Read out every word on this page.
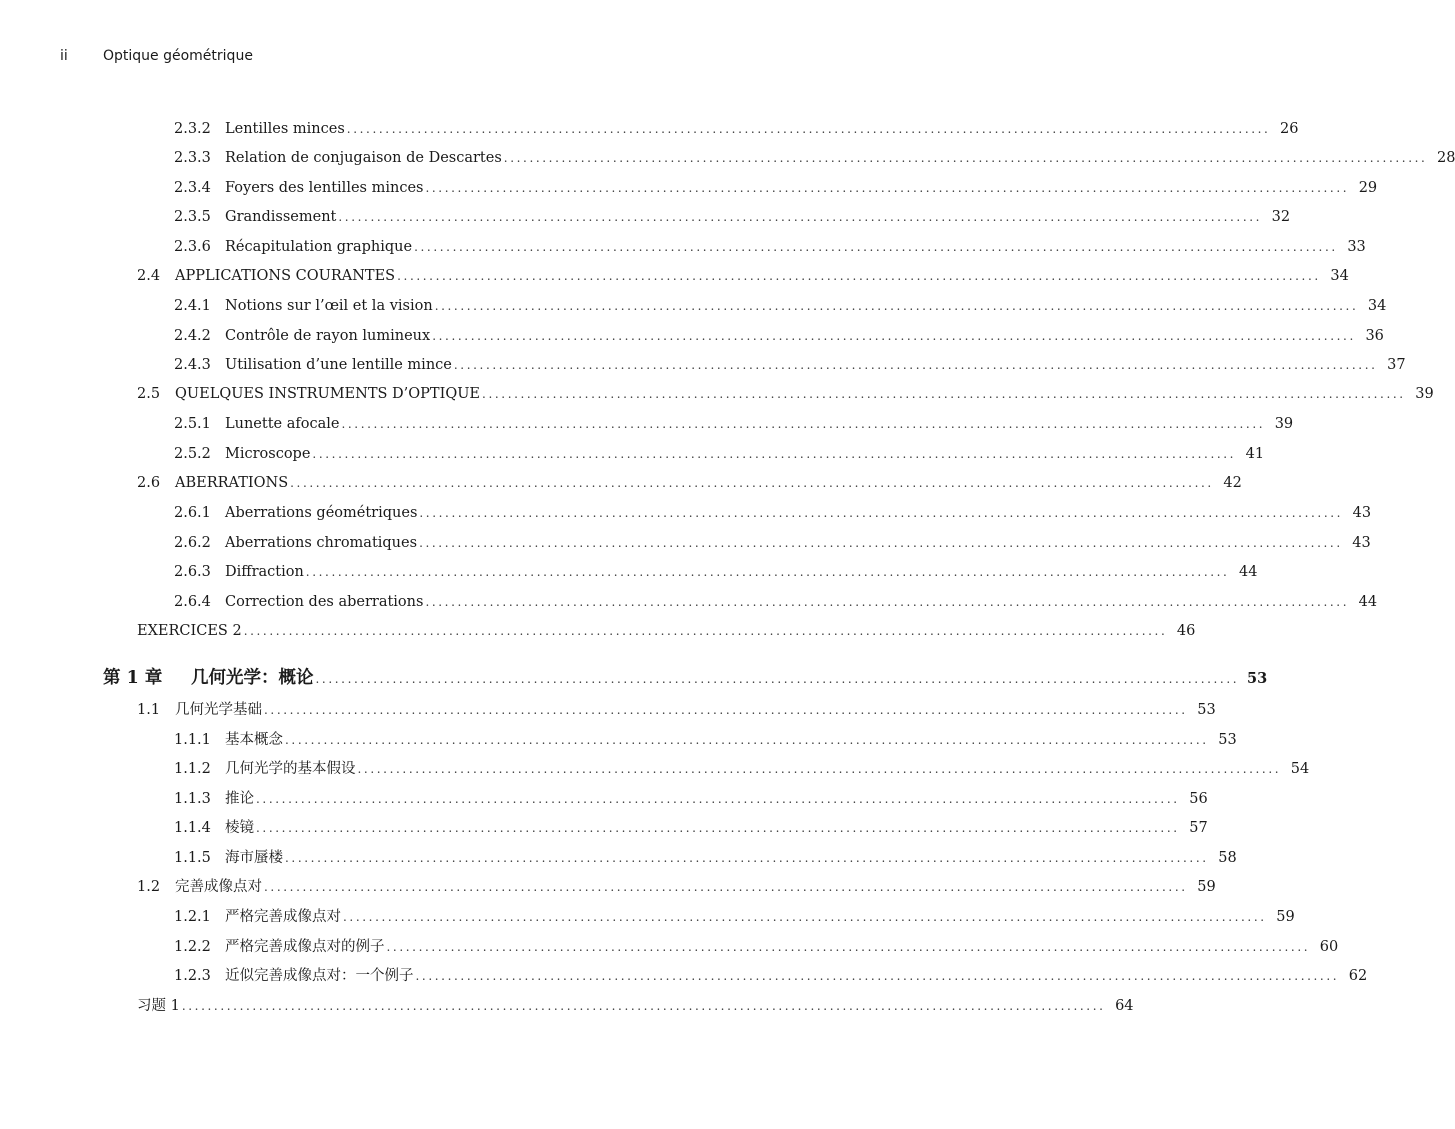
ii	Optique géométrique
2.3.2 Lentilles minces ................................................................................................................................................ 26
2.3.3 Relation de conjugaison de Descartes ................................................................................................................................................ 28
2.3.4 Foyers des lentilles minces ................................................................................................................................................ 29
2.3.5 Grandissement ................................................................................................................................................ 32
2.3.6 Récapitulation graphique ................................................................................................................................................ 33
2.4	APPLICATIONS COURANTES ................................................................................................................................................ 34
2.4.1 Notions sur l’œil et la vision ................................................................................................................................................ 34
2.4.2 Contrôle de rayon lumineux ................................................................................................................................................ 36
2.4.3 Utilisation d’une lentille mince ................................................................................................................................................ 37
2.5	QUELQUES INSTRUMENTS D’OPTIQUE ................................................................................................................................................ 39
2.5.1 Lunette afocale ................................................................................................................................................ 39
2.5.2 Microscope ................................................................................................................................................ 41
2.6	ABERRATIONS ................................................................................................................................................ 42
2.6.1 Aberrations géométriques ................................................................................................................................................ 43
2.6.2 Aberrations chromatiques ................................................................................................................................................ 43
2.6.3 Diffraction ................................................................................................................................................ 44
2.6.4 Correction des aberrations ................................................................................................................................................ 44
EXERCICES 2 ................................................................................................................................................ 46
第 1 章	几何光学：概论 ................................................................................................................................................ 53
1.1	几何光学基础 ................................................................................................................................................ 53
1.1.1 基本概念 ................................................................................................................................................ 53
1.1.2 几何光学的基本假设 ................................................................................................................................................ 54
1.1.3 推论 ................................................................................................................................................ 56
1.1.4 棱镜 ................................................................................................................................................ 57
1.1.5 海市蜃楼 ................................................................................................................................................ 58
1.2	完善成像点对 ................................................................................................................................................ 59
1.2.1 严格完善成像点对 ................................................................................................................................................ 59
1.2.2 严格完善成像点对的例子 ................................................................................................................................................ 60
1.2.3 近似完善成像点对：一个例子 ................................................................................................................................................ 62
习题 1 ................................................................................................................................................ 64
